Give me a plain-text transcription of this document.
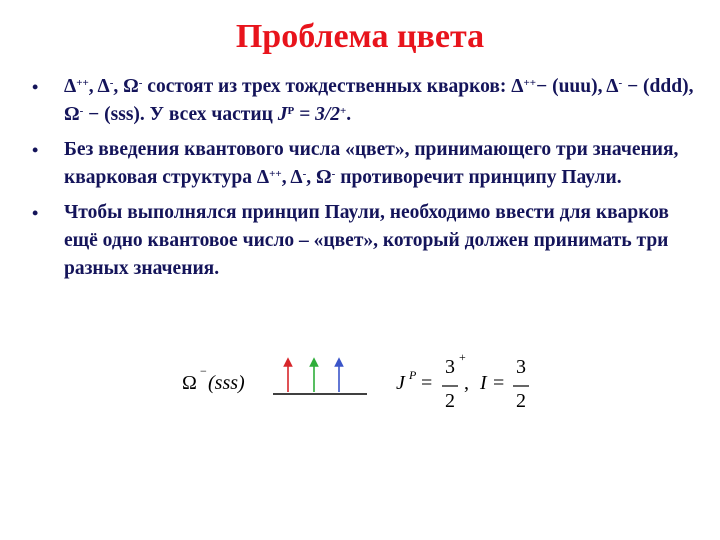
Проблема цвета
• Δ++, Δ-, Ω- состоят из трех тождественных кварков: Δ++− (uuu), Δ- − (ddd), Ω- − (sss). У всех частиц $J^P = 3/2^+$.
• Без введения квантового числа «цвет», принимающего три значения, кварковая структура Δ++, Δ-, Ω- противоречит принципу Паули.
• Чтобы выполнялся принцип Паули, необходимо ввести для кварков ещё одно квантовое число – «цвет», который должен принимать три разных значения.
Ω
−
(sss)	J P =
3
2
+
, I =
3
2
